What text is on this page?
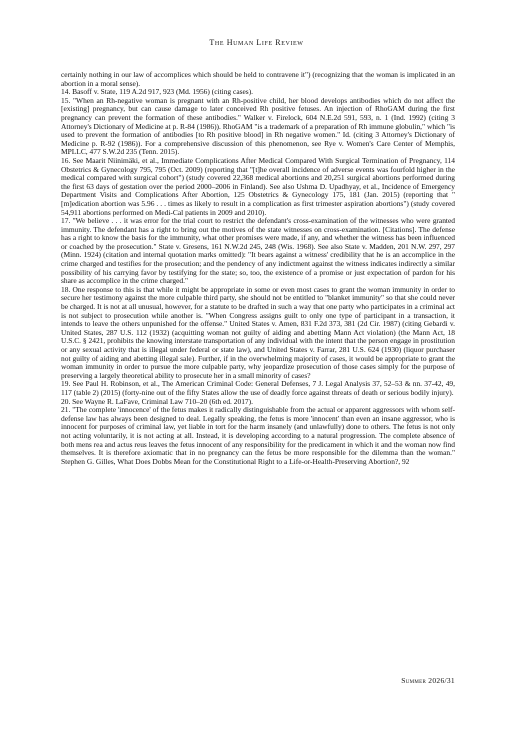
The Human Life Review

certainly nothing in our law of accomplices which should be held to contravene it") (recognizing that the woman is implicated in an abortion in a moral sense).

14. Basoff v. State, 119 A.2d 917, 923 (Md. 1956) (citing cases).

15. "When an Rh-negative woman is pregnant with an Rh-positive child, her blood develops antibodies which do not affect the [existing] pregnancy, but can cause damage to later conceived Rh positive fetuses. An injection of RhoGAM during the first pregnancy can prevent the formation of these antibodies." Walker v. Firelock, 604 N.E.2d 591, 593, n. 1 (Ind. 1992) (citing 3 Attorney's Dictionary of Medicine at p. R-84 (1986)). RhoGAM "is a trademark of a preparation of Rh immune globulin," which "is used to prevent the formation of antibodies [to Rh positive blood] in Rh negative women." Id. (citing 3 Attorney's Dictionary of Medicine p. R-92 (1986)). For a comprehensive discussion of this phenomenon, see Rye v. Women's Care Center of Memphis, MPLLC, 477 S.W.2d 235 (Tenn. 2015).

16. See Maarit Niinimäki, et al., Immediate Complications After Medical Compared With Surgical Termination of Pregnancy, 114 Obstetrics & Gynecology 795, 795 (Oct. 2009) (reporting that "[t]he overall incidence of adverse events was fourfold higher in the medical compared with surgical cohort") (study covered 22,368 medical abortions and 20,251 surgical abortions performed during the first 63 days of gestation over the period 2000–2006 in Finland). See also Ushma D. Upadhyay, et al., Incidence of Emergency Department Visits and Complications After Abortion, 125 Obstetrics & Gynecology 175, 181 (Jan. 2015) (reporting that "[m]edication abortion was 5.96 . . . times as likely to result in a complication as first trimester aspiration abortions") (study covered 54,911 abortions performed on Medi-Cal patients in 2009 and 2010).

17. "We believe . . . it was error for the trial court to restrict the defendant's cross-examination of the witnesses who were granted immunity. The defendant has a right to bring out the motives of the state witnesses on cross-examination. [Citations]. The defense has a right to know the basis for the immunity, what other promises were made, if any, and whether the witness has been influenced or coached by the prosecution." State v. Gresens, 161 N.W.2d 245, 248 (Wis. 1968). See also State v. Madden, 201 N.W. 297, 297 (Minn. 1924) (citation and internal quotation marks omitted): "It bears against a witness' credibility that he is an accomplice in the crime charged and testifies for the prosecution; and the pendency of any indictment against the witness indicates indirectly a similar possibility of his carrying favor by testifying for the state; so, too, the existence of a promise or just expectation of pardon for his share as accomplice in the crime charged."

18. One response to this is that while it might be appropriate in some or even most cases to grant the woman immunity in order to secure her testimony against the more culpable third party, she should not be entitled to "blanket immunity" so that she could never be charged. It is not at all unusual, however, for a statute to be drafted in such a way that one party who participates in a criminal act is not subject to prosecution while another is. "When Congress assigns guilt to only one type of participant in a transaction, it intends to leave the others unpunished for the offense." United States v. Amen, 831 F.2d 373, 381 (2d Cir. 1987) (citing Gebardi v. United States, 287 U.S. 112 (1932) (acquitting woman not guilty of aiding and abetting Mann Act violation) (the Mann Act, 18 U.S.C. § 2421, prohibits the knowing interstate transportation of any individual with the intent that the person engage in prostitution or any sexual activity that is illegal under federal or state law), and United States v. Farrar, 281 U.S. 624 (1930) (liquor purchaser not guilty of aiding and abetting illegal sale). Further, if in the overwhelming majority of cases, it would be appropriate to grant the woman immunity in order to pursue the more culpable party, why jeopardize prosecution of those cases simply for the purpose of preserving a largely theoretical ability to prosecute her in a small minority of cases?

19. See Paul H. Robinson, et al., The American Criminal Code: General Defenses, 7 J. Legal Analysis 37, 52–53 & nn. 37-42, 49, 117 (table 2) (2015) (forty-nine out of the fifty States allow the use of deadly force against threats of death or serious bodily injury).

20. See Wayne R. LaFave, Criminal Law 710–20 (6th ed. 2017).

21. "The complete 'innocence' of the fetus makes it radically distinguishable from the actual or apparent aggressors with whom self-defense law has always been designed to deal. Legally speaking, the fetus is more 'innocent' than even an insane aggressor, who is innocent for purposes of criminal law, yet liable in tort for the harm insanely (and unlawfully) done to others. The fetus is not only not acting voluntarily, it is not acting at all. Instead, it is developing according to a natural progression. The complete absence of both mens rea and actus reus leaves the fetus innocent of any responsibility for the predicament in which it and the woman now find themselves. It is therefore axiomatic that in no pregnancy can the fetus be more responsible for the dilemma than the woman." Stephen G. Gilles, What Does Dobbs Mean for the Constitutional Right to a Life-or-Health-Preserving Abortion?, 92

Summer 2026/31
